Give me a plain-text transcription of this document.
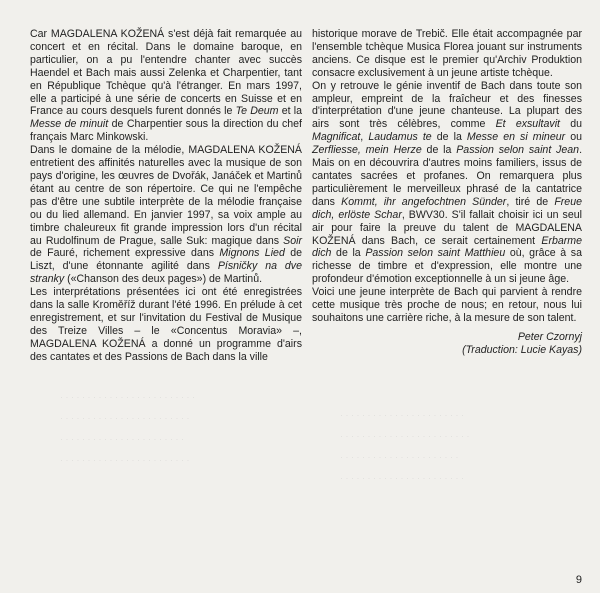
· · · · · · · · · · · · · · · · · · · · · · · · ·
· · · · · · · · · · · · · · · · · · · · · · · ·
· · · · · · · · · · · · · · · · · · · · · · ·
· · · · · · · · · · · · · · · · · · · · · · · ·
· · · · · · · · · · · · · · · · · · · · · · ·
· · · · · · · · · · · · · · · · · · · · · · · ·
· · · · · · · · · · · · · · · · · · · · · ·
· · · · · · · · · · · · · · · · · · · · · · ·

Car MAGDALENA KOŽENÁ s'est déjà fait remarquée au concert et en récital. Dans le domaine baroque, en particulier, on a pu l'entendre chanter avec succès Haendel et Bach mais aussi Zelenka et Charpentier, tant en République Tchèque qu'à l'étranger. En mars 1997, elle a participé à une série de concerts en Suisse et en France au cours desquels furent donnés le Te Deum et la Messe de minuit de Charpentier sous la direction du chef français Marc Minkowski.

Dans le domaine de la mélodie, MAGDALENA KOŽENÁ entretient des affinités naturelles avec la musique de son pays d'origine, les œuvres de Dvořák, Janáček et Martinů étant au centre de son répertoire. Ce qui ne l'empêche pas d'être une subtile interprète de la mélodie française ou du lied allemand. En janvier 1997, sa voix ample au timbre chaleureux fit grande impression lors d'un récital au Rudolfinum de Prague, salle Suk: magique dans Soir de Fauré, richement expressive dans Mignons Lied de Liszt, d'une étonnante agilité dans Písničky na dve stranky («Chanson des deux pages») de Martinů.

Les interprétations présentées ici ont été enregistrées dans la salle Kroměříž durant l'été 1996. En prélude à cet enregistrement, et sur l'invitation du Festival de Musique des Treize Villes – le «Concentus Moravia» –, MAGDALENA KOŽENÁ a donné un programme d'airs des cantates et des Passions de Bach dans la ville

historique morave de Trebič. Elle était accompagnée par l'ensemble tchèque Musica Florea jouant sur instruments anciens. Ce disque est le premier qu'Archiv Produktion consacre exclusivement à un jeune artiste tchèque.

On y retrouve le génie inventif de Bach dans toute son ampleur, empreint de la fraîcheur et des finesses d'interprétation d'une jeune chanteuse. La plupart des airs sont très célèbres, comme Et exsultavit du Magnificat, Laudamus te de la Messe en si mineur ou Zerfliesse, mein Herze de la Passion selon saint Jean. Mais on en découvrira d'autres moins familiers, issus de cantates sacrées et profanes. On remarquera plus particulièrement le merveilleux phrasé de la cantatrice dans Kommt, ihr angefochtnen Sünder, tiré de Freue dich, erlöste Schar, BWV30. S'il fallait choisir ici un seul air pour faire la preuve du talent de MAGDALENA KOŽENÁ dans Bach, ce serait certainement Erbarme dich de la Passion selon saint Matthieu où, grâce à sa richesse de timbre et d'expression, elle montre une profondeur d'émotion exceptionnelle à un si jeune âge.

Voici une jeune interprète de Bach qui parvient à rendre cette musique très proche de nous; en retour, nous lui souhaitons une carrière riche, à la mesure de son talent.

Peter Czornyj
(Traduction: Lucie Kayas)
9
